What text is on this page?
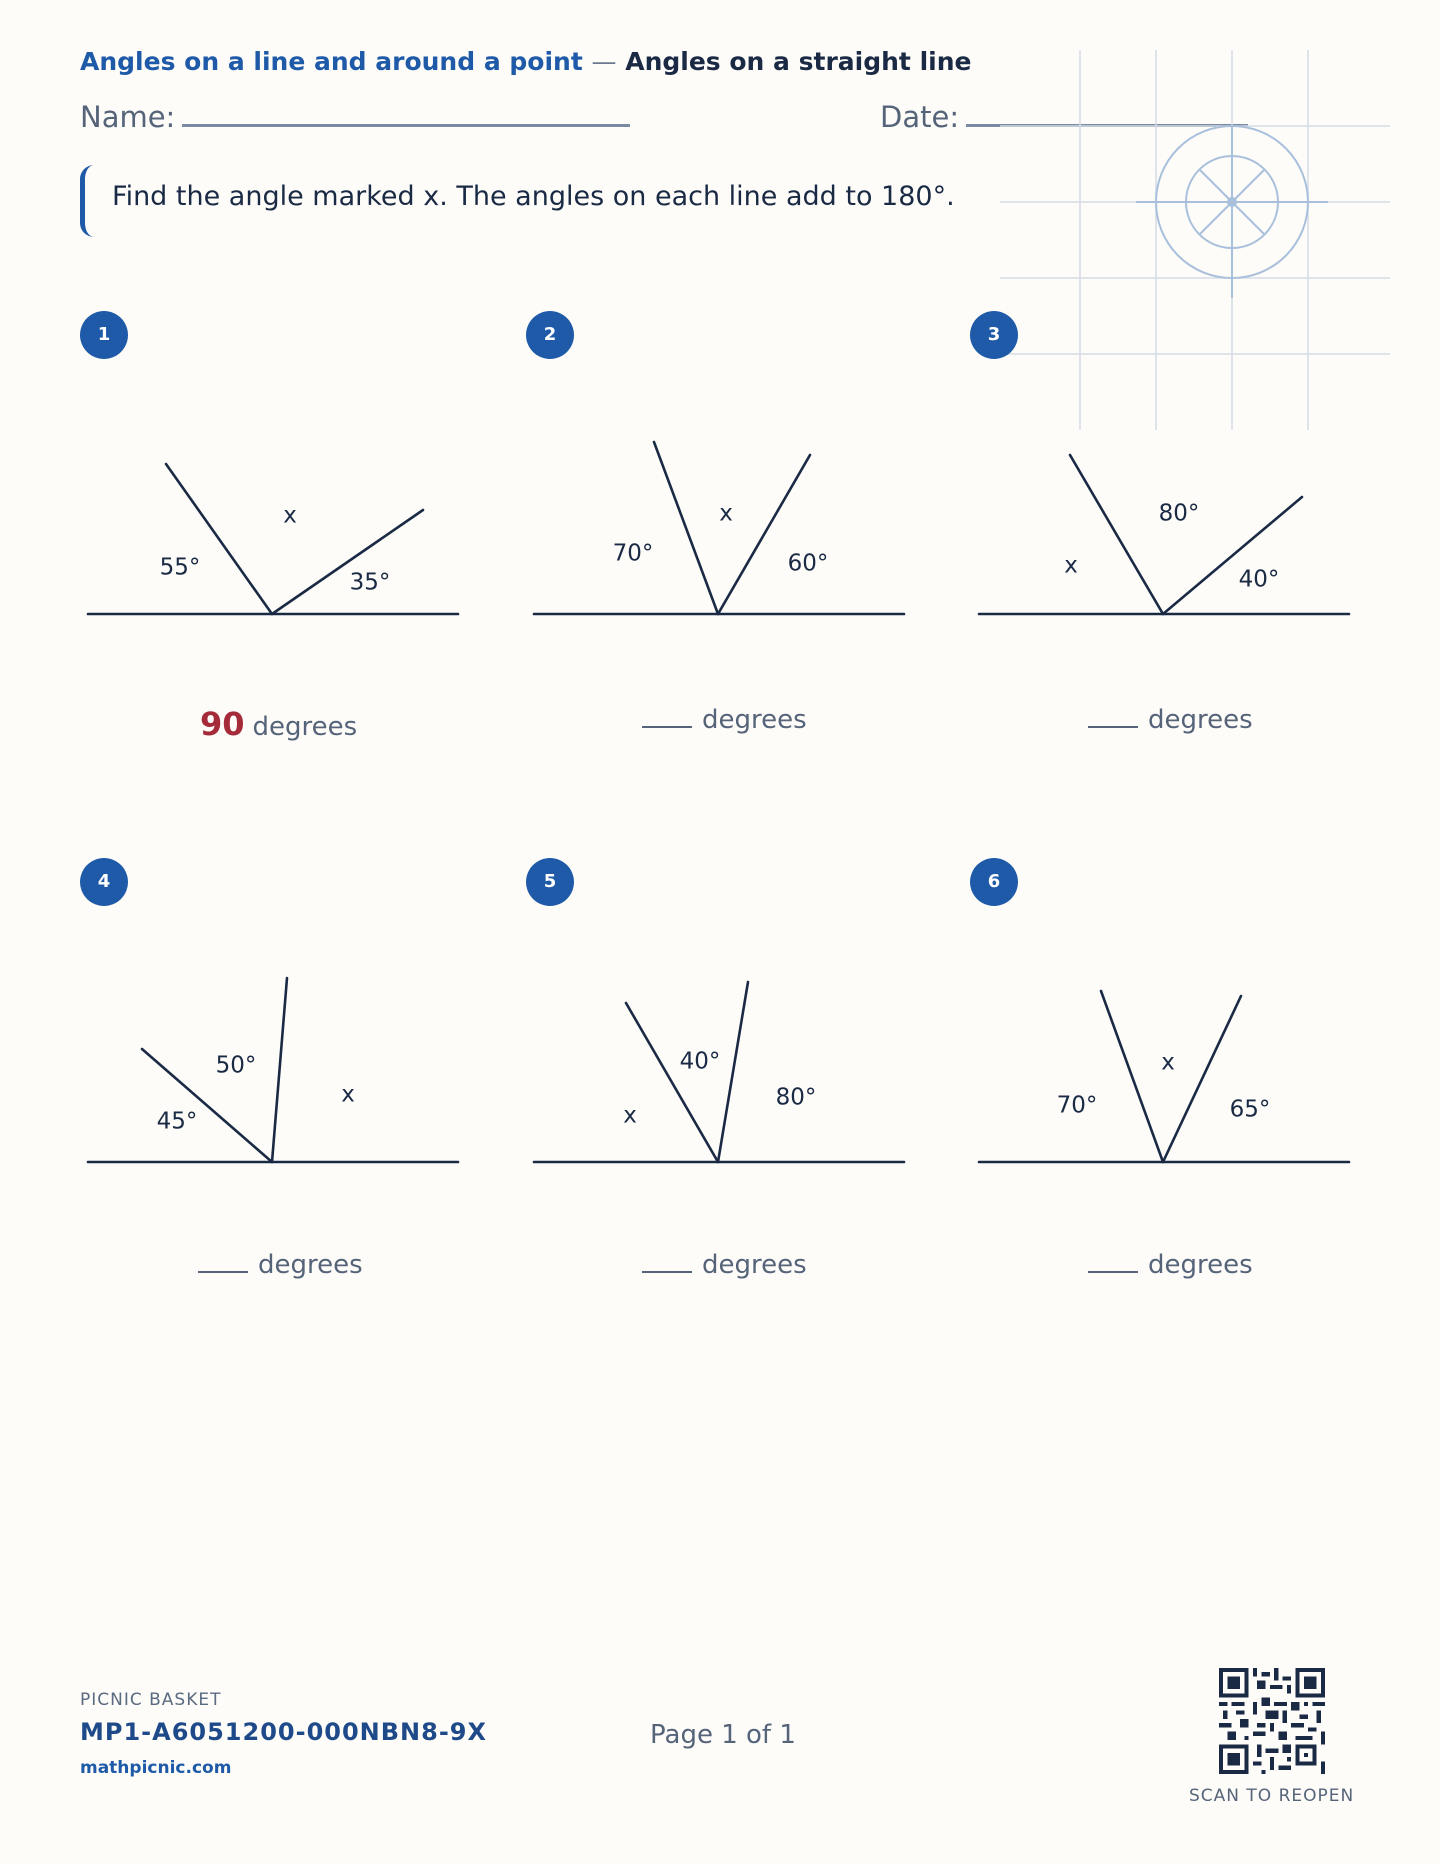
Angles on a line and around a point — Angles on a straight line
Name:	Date:
Find the angle marked x. The angles on each line add to 180°.
1
55°
x
35°
90 degrees
2
70°
x
60°
degrees
3
x
80°
40°
degrees
4
45°
50°
x
degrees
5
x
40°
80°
degrees
6
70°
x
65°
degrees
PICNIC BASKET
MP1-A6051200-000NBN8-9X
mathpicnic.com
Page 1 of 1
SCAN TO REOPEN
